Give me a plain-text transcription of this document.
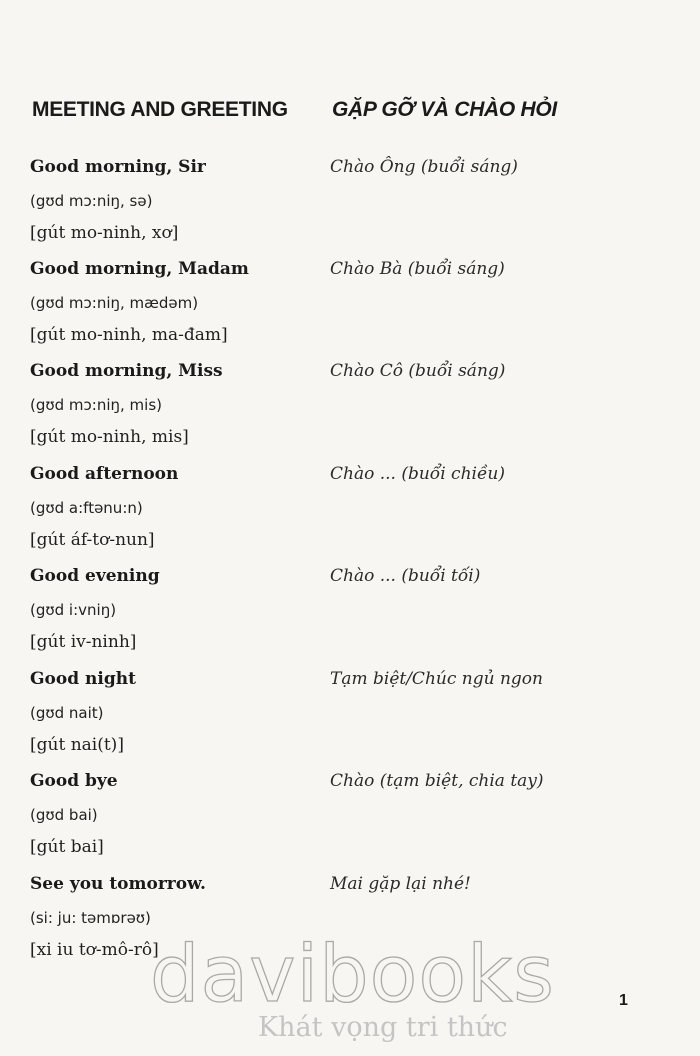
MEETING AND GREETING	GẶP GỠ VÀ CHÀO HỎI
Good morning, Sir	Chào Ông (buổi sáng)
(gʊd mɔ:niŋ, sə)
[gút mo-ninh, xơ]
Good morning, Madam	Chào Bà (buổi sáng)
(gʊd mɔ:niŋ, mædəm)
[gút mo-ninh, ma-đam]
Good morning, Miss	Chào Cô (buổi sáng)
(gʊd mɔ:niŋ, mis)
[gút mo-ninh, mis]
Good afternoon	Chào ... (buổi chiều)
(gʊd a:ftənu:n)
[gút áf-tơ-nun]
Good evening	Chào ... (buổi tối)
(gʊd i:vniŋ)
[gút iv-ninh]
Good night	Tạm biệt/Chúc ngủ ngon
(gʊd nait)
[gút nai(t)]
Good bye	Chào (tạm biệt, chia tay)
(gʊd bai)
[gút bai]
See you tomorrow.	Mai gặp lại nhé!
(si: ju: təmɒrəʊ)
[xi iu tơ-mô-rô]
davibooks
Khát vọng tri thức
1
